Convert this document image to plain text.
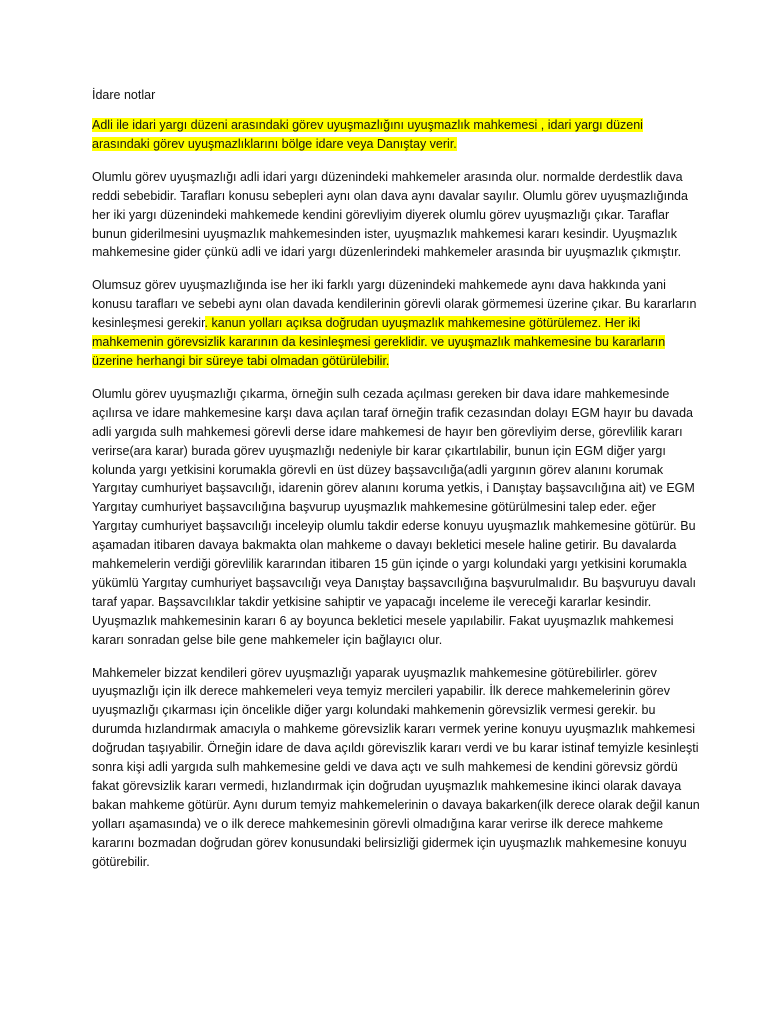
İdare notlar

Adli ile idari yargı düzeni arasındaki görev uyuşmazlığını uyuşmazlık mahkemesi , idari yargı düzeni arasındaki görev uyuşmazlıklarını bölge idare veya Danıştay verir.

Olumlu görev uyuşmazlığı adli idari yargı düzenindeki mahkemeler arasında olur. normalde derdestlik dava reddi sebebidir. Tarafları konusu sebepleri aynı olan dava aynı davalar sayılır. Olumlu görev uyuşmazlığında her iki yargı düzenindeki mahkemede kendini görevliyim diyerek olumlu görev uyuşmazlığı çıkar. Taraflar bunun giderilmesini uyuşmazlık mahkemesinden ister, uyuşmazlık mahkemesi kararı kesindir. Uyuşmazlık mahkemesine gider çünkü adli ve idari yargı düzenlerindeki mahkemeler arasında bir uyuşmazlık çıkmıştır.

Olumsuz görev uyuşmazlığında ise her iki farklı yargı düzenindeki mahkemede aynı dava hakkında yani konusu tarafları ve sebebi aynı olan davada kendilerinin görevli olarak görmemesi üzerine çıkar. Bu kararların kesinleşmesi gerekir. kanun yolları açıksa doğrudan uyuşmazlık mahkemesine götürülemez. Her iki mahkemenin görevsizlik kararının da kesinleşmesi gereklidir. ve uyuşmazlık mahkemesine bu kararların üzerine herhangi bir süreye tabi olmadan götürülebilir.

Olumlu görev uyuşmazlığı çıkarma, örneğin sulh cezada açılması gereken bir dava idare mahkemesinde açılırsa ve idare mahkemesine karşı dava açılan taraf örneğin trafik cezasından dolayı EGM hayır bu davada adli yargıda sulh mahkemesi görevli derse idare mahkemesi de hayır ben görevliyim derse, görevlilik kararı verirse(ara karar) burada görev uyuşmazlığı nedeniyle bir karar çıkartılabilir, bunun için EGM diğer yargı kolunda yargı yetkisini korumakla görevli en üst düzey başsavcılığa(adli yargının görev alanını korumak Yargıtay cumhuriyet başsavcılığı, idarenin görev alanını koruma yetkis, i Danıştay başsavcılığına ait) ve EGM Yargıtay cumhuriyet başsavcılığına başvurup uyuşmazlık mahkemesine götürülmesini talep eder. eğer Yargıtay cumhuriyet başsavcılığı inceleyip olumlu takdir ederse konuyu uyuşmazlık mahkemesine götürür. Bu aşamadan itibaren davaya bakmakta olan mahkeme o davayı bekletici mesele haline getirir. Bu davalarda mahkemelerin verdiği görevlilik kararından itibaren 15 gün içinde o yargı kolundaki yargı yetkisini korumakla yükümlü Yargıtay cumhuriyet başsavcılığı veya Danıştay başsavcılığına başvurulmalıdır. Bu başvuruyu davalı taraf yapar. Başsavcılıklar takdir yetkisine sahiptir ve yapacağı inceleme ile vereceği kararlar kesindir. Uyuşmazlık mahkemesinin kararı 6 ay boyunca bekletici mesele yapılabilir. Fakat uyuşmazlık mahkemesi kararı sonradan gelse bile gene mahkemeler için bağlayıcı olur.

Mahkemeler bizzat kendileri görev uyuşmazlığı yaparak uyuşmazlık mahkemesine götürebilirler. görev uyuşmazlığı için ilk derece mahkemeleri veya temyiz mercileri yapabilir. İlk derece mahkemelerinin görev uyuşmazlığı çıkarması için öncelikle diğer yargı kolundaki mahkemenin görevsizlik vermesi gerekir. bu durumda hızlandırmak amacıyla o mahkeme görevsizlik kararı vermek yerine konuyu uyuşmazlık mahkemesi doğrudan taşıyabilir. Örneğin idare de dava açıldı göreviszlik kararı verdi ve bu karar istinaf temyizle kesinleşti sonra kişi adli yargıda sulh mahkemesine geldi ve dava açtı ve sulh mahkemesi de kendini görevsiz gördü fakat görevsizlik kararı vermedi, hızlandırmak için doğrudan uyuşmazlık mahkemesine ikinci olarak davaya bakan mahkeme götürür. Aynı durum temyiz mahkemelerinin o davaya bakarken(ilk derece olarak değil kanun yolları aşamasında) ve o ilk derece mahkemesinin görevli olmadığına karar verirse ilk derece mahkeme kararını bozmadan doğrudan görev konusundaki belirsizliği gidermek için uyuşmazlık mahkemesine konuyu götürebilir.
